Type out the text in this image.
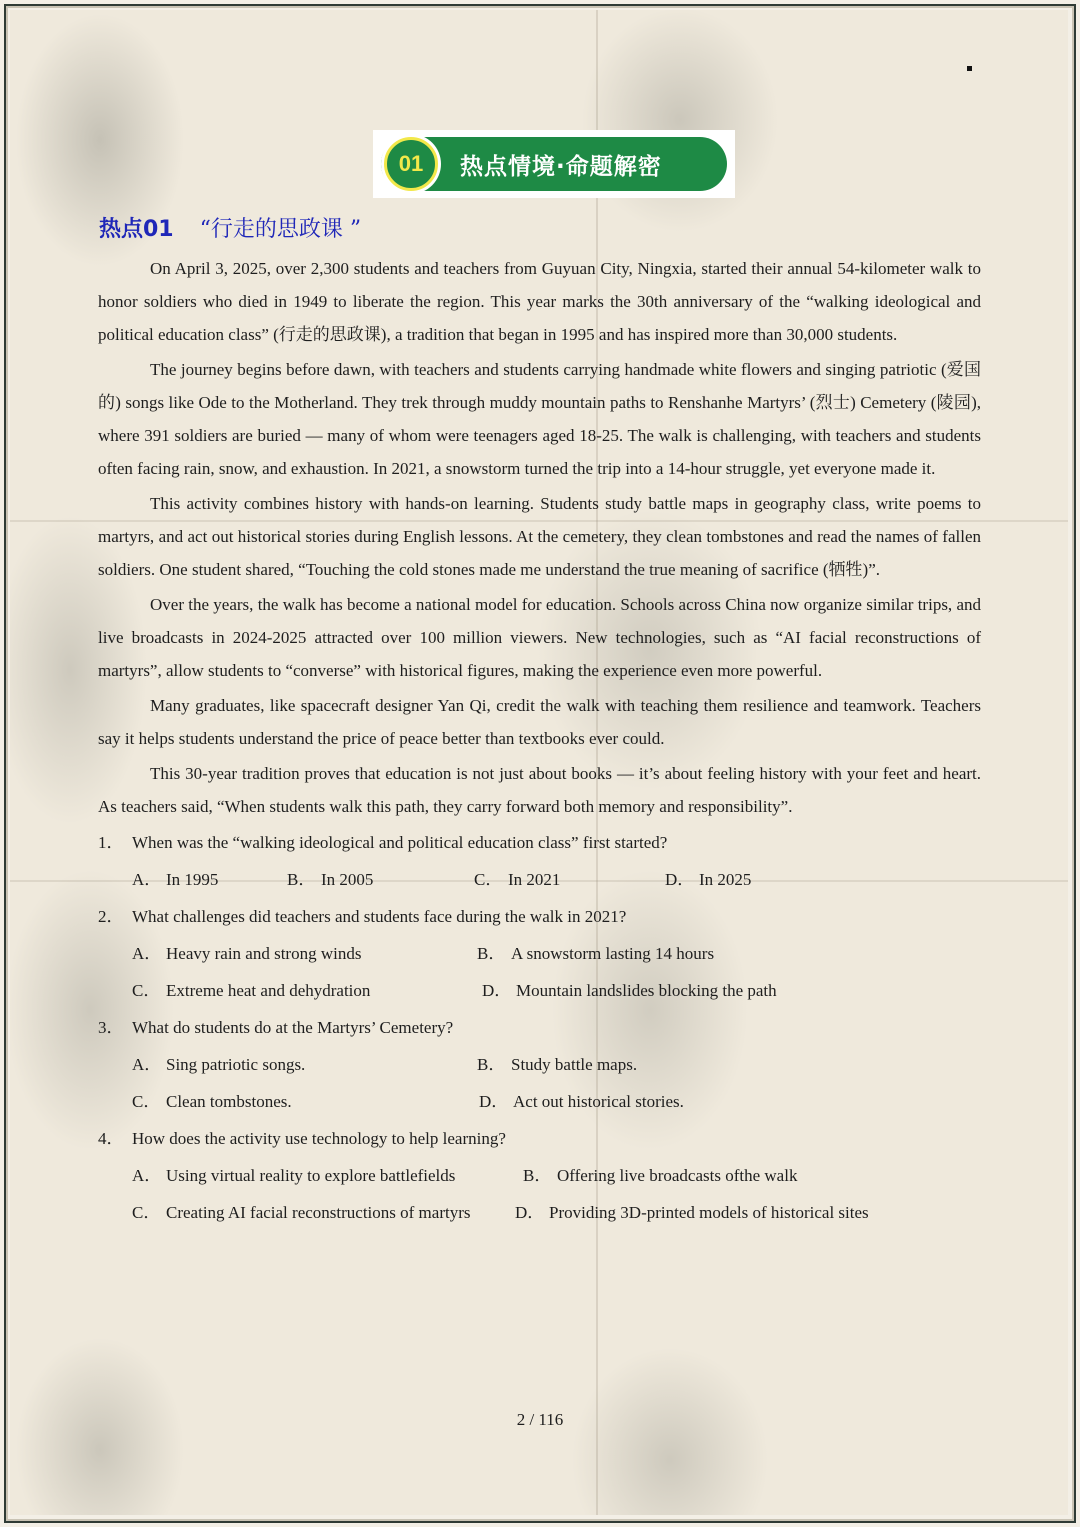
01	热点情境·命题解密
热点01 “行走的思政课 ”

On April 3, 2025, over 2,300 students and teachers from Guyuan City, Ningxia, started their annual 54-kilometer walk to honor soldiers who died in 1949 to liberate the region. This year marks the 30th anniversary of the “walking ideological and political education class” (行走的思政课), a tradition that began in 1995 and has inspired more than 30,000 students.

The journey begins before dawn, with teachers and students carrying handmade white flowers and singing patriotic (爱国的) songs like Ode to the Motherland. They trek through muddy mountain paths to Renshanhe Martyrs’ (烈士) Cemetery (陵园), where 391 soldiers are buried — many of whom were teenagers aged 18-25. The walk is challenging, with teachers and students often facing rain, snow, and exhaustion. In 2021, a snowstorm turned the trip into a 14-hour struggle, yet everyone made it.

This activity combines history with hands-on learning. Students study battle maps in geography class, write poems to martyrs, and act out historical stories during English lessons. At the cemetery, they clean tombstones and read the names of fallen soldiers. One student shared, “Touching the cold stones made me understand the true meaning of sacrifice (牺牲)”.

Over the years, the walk has become a national model for education. Schools across China now organize similar trips, and live broadcasts in 2024-2025 attracted over 100 million viewers. New technologies, such as “AI facial reconstructions of martyrs”, allow students to “converse” with historical figures, making the experience even more powerful.

Many graduates, like spacecraft designer Yan Qi, credit the walk with teaching them resilience and teamwork. Teachers say it helps students understand the price of peace better than textbooks ever could.

This 30-year tradition proves that education is not just about books — it’s about feeling history with your feet and heart. As teachers said, “When students walk this path, they carry forward both memory and responsibility”.

1． When was the “walking ideological and political education class” first started?
A． In 1995	B． In 2005	C． In 2021	D． In 2025
2． What challenges did teachers and students face during the walk in 2021?
A． Heavy rain and strong winds	B． A snowstorm lasting 14 hours
C． Extreme heat and dehydration	D． Mountain landslides blocking the path
3． What do students do at the Martyrs’ Cemetery?
A． Sing patriotic songs.	B． Study battle maps.
C． Clean tombstones.	D． Act out historical stories.
4． How does the activity use technology to help learning?
A． Using virtual reality to explore battlefields	B． Offering live broadcasts ofthe walk
C． Creating AI facial reconstructions of martyrs	D． Providing 3D-printed models of historical sites
2 / 116
